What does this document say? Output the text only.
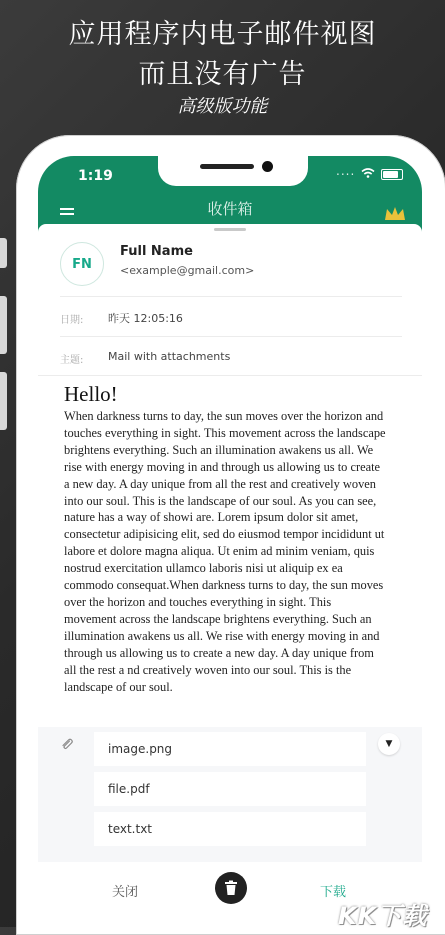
应用程序内电子邮件视图
而且没有广告
高级版功能
1:19	....
收件箱
FN
Full Name
<example@gmail.com>
日期: 昨天 12:05:16
主题: Mail with attachments
Hello!
When darkness turns to day, the sun moves over the horizon and touches everything in sight. This movement across the landscape brightens everything. Such an illumination awakens us all. We rise with energy moving in and through us allowing us to create a new day. A day unique from all the rest and creatively woven into our soul. This is the landscape of our soul. As you can see, nature has a way of showi are. Lorem ipsum dolor sit amet, consectetur adipisicing elit, sed do eiusmod tempor incididunt ut labore et dolore magna aliqua. Ut enim ad minim veniam, quis nostrud exercitation ullamco laboris nisi ut aliquip ex ea commodo consequat.When darkness turns to day, the sun moves over the horizon and touches everything in sight. This movement across the landscape brightens everything. Such an illumination awakens us all. We rise with energy moving in and through us allowing us to create a new day. A day unique from all the rest a nd creatively woven into our soul. This is the landscape of our soul.
▼
image.png
file.pdf
text.txt
关闭	下载
KK下载
